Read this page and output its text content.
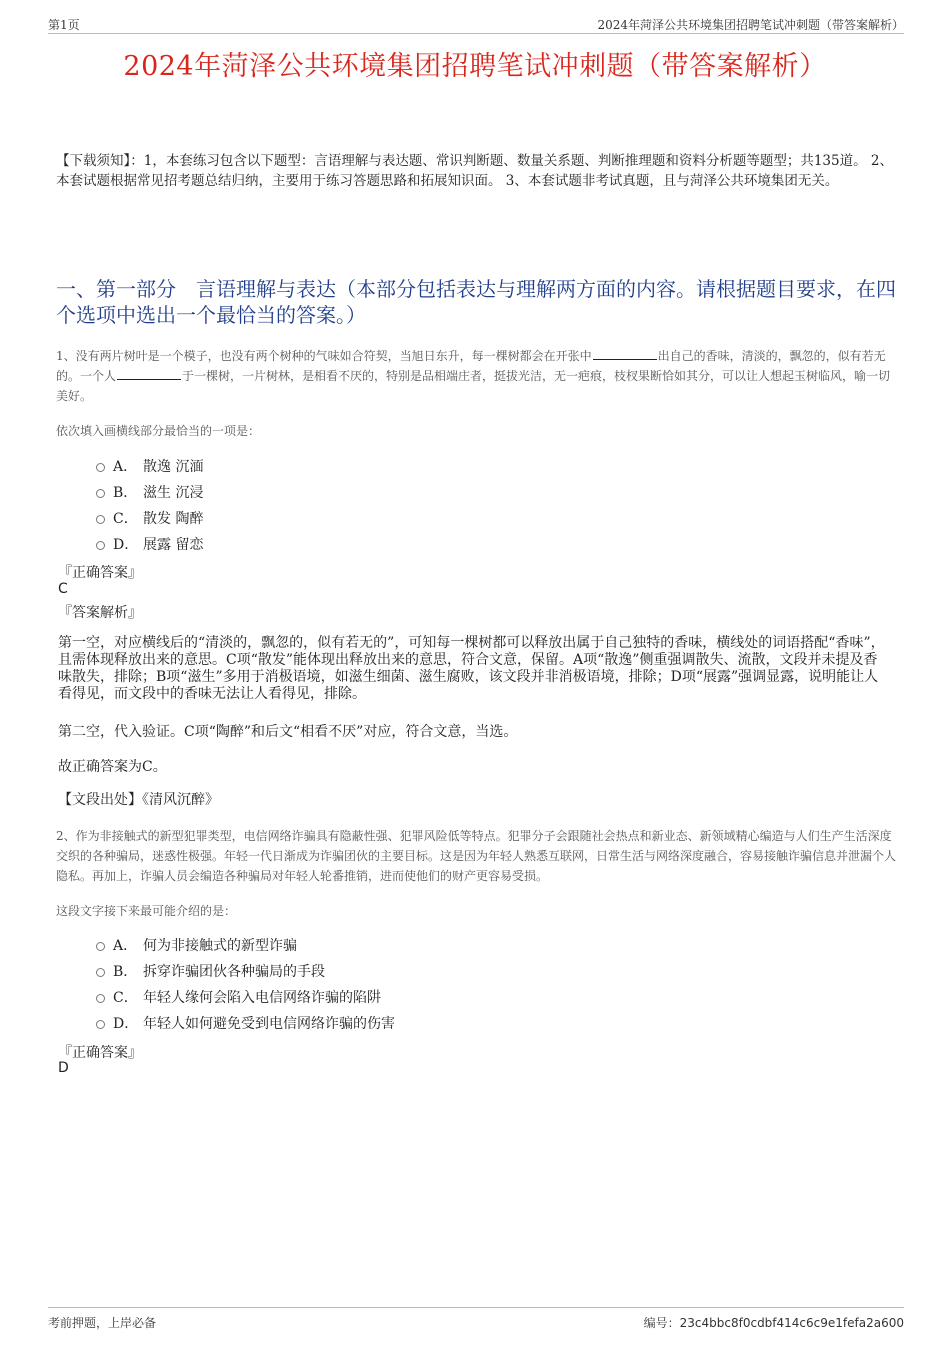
第1页	2024年菏泽公共环境集团招聘笔试冲刺题（带答案解析）
2024年菏泽公共环境集团招聘笔试冲刺题（带答案解析）
【下载须知】：1，本套练习包含以下题型：言语理解与表达题、常识判断题、数量关系题、判断推理题和资料分析题等题型；共135道。 2、本套试题根据常见招考题总结归纳，主要用于练习答题思路和拓展知识面。 3、本套试题非考试真题，且与菏泽公共环境集团无关。
一、第一部分　言语理解与表达（本部分包括表达与理解两方面的内容。请根据题目要求，在四个选项中选出一个最恰当的答案。）
1、没有两片树叶是一个模子，也没有两个树种的气味如合符契，当旭日东升，每一棵树都会在开张中	出自己的香味，清淡的，飘忽的，似有若无的。一个人	于一棵树，一片树林，是相看不厌的，特别是品相端庄者，挺拔光洁，无一疤痕，枝杈果断恰如其分，可以让人想起玉树临风，喻一切美好。
依次填入画横线部分最恰当的一项是：
A． 散逸 沉湎
B． 滋生 沉浸
C． 散发 陶醉
D． 展露 留恋
『正确答案』
C
『答案解析』
第一空，对应横线后的“清淡的，飘忽的，似有若无的”，可知每一棵树都可以释放出属于自己独特的香味，横线处的词语搭配“香味”，且需体现释放出来的意思。C项“散发”能体现出释放出来的意思，符合文意，保留。A项“散逸”侧重强调散失、流散，文段并未提及香味散失，排除；B项“滋生”多用于消极语境，如滋生细菌、滋生腐败，该文段并非消极语境，排除；D项“展露”强调显露，说明能让人看得见，而文段中的香味无法让人看得见，排除。
第二空，代入验证。C项“陶醉”和后文“相看不厌”对应，符合文意，当选。
故正确答案为C。
【文段出处】《清风沉醉》
2、作为非接触式的新型犯罪类型，电信网络诈骗具有隐蔽性强、犯罪风险低等特点。犯罪分子会跟随社会热点和新业态、新领域精心编造与人们生产生活深度交织的各种骗局，迷惑性极强。年轻一代日渐成为诈骗团伙的主要目标。这是因为年轻人熟悉互联网，日常生活与网络深度融合，容易接触诈骗信息并泄漏个人隐私。再加上，诈骗人员会编造各种骗局对年轻人轮番推销，进而使他们的财产更容易受损。
这段文字接下来最可能介绍的是：
A． 何为非接触式的新型诈骗
B． 拆穿诈骗团伙各种骗局的手段
C． 年轻人缘何会陷入电信网络诈骗的陷阱
D． 年轻人如何避免受到电信网络诈骗的伤害
『正确答案』
D
考前押题，上岸必备	编号：23c4bbc8f0cdbf414c6c9e1fefa2a600
